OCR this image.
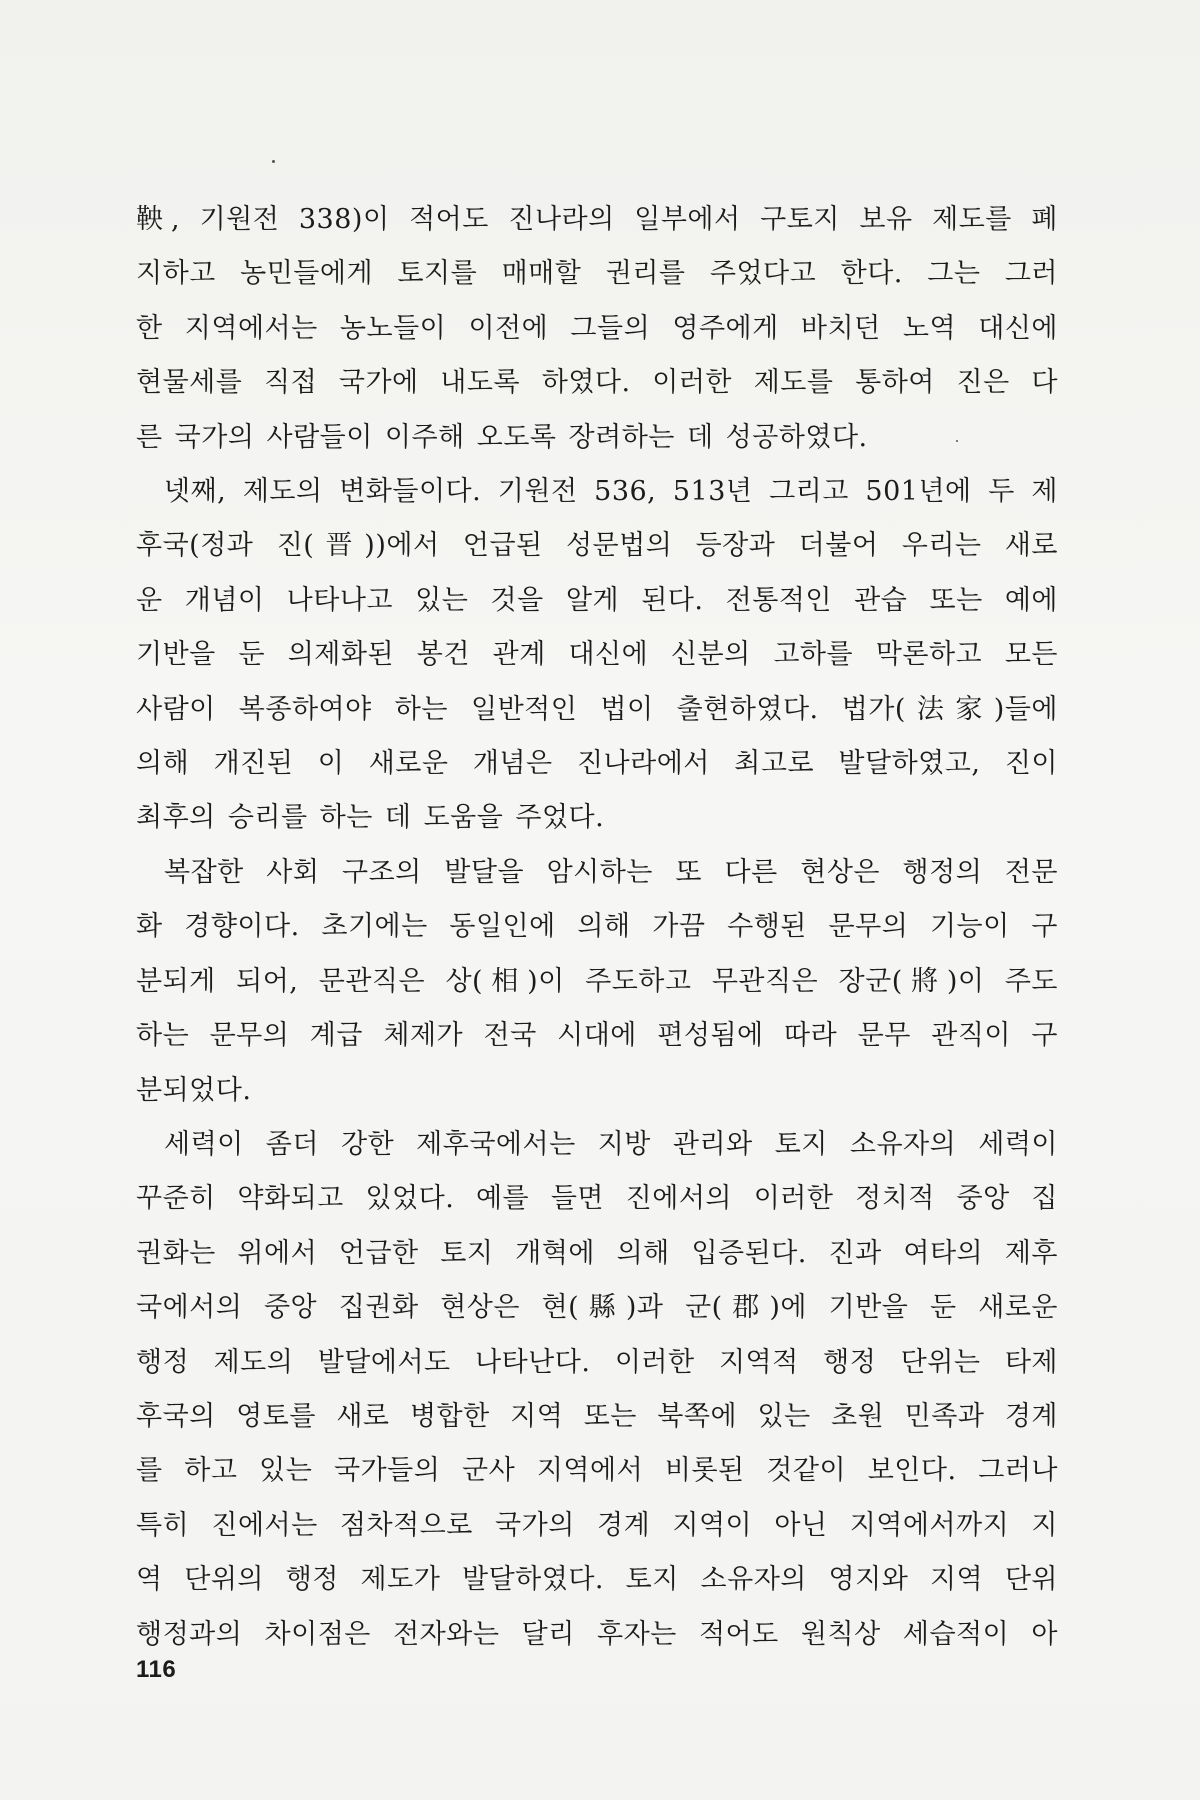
鞅, 기원전 338)이 적어도 진나라의 일부에서 구토지 보유 제도를 폐
지하고 농민들에게 토지를 매매할 권리를 주었다고 한다. 그는 그러
한 지역에서는 농노들이 이전에 그들의 영주에게 바치던 노역 대신에
현물세를 직접 국가에 내도록 하였다. 이러한 제도를 통하여 진은 다
른 국가의 사람들이 이주해 오도록 장려하는 데 성공하였다.

넷째, 제도의 변화들이다. 기원전 536, 513년 그리고 501년에 두 제
후국(정과 진(晋))에서 언급된 성문법의 등장과 더불어 우리는 새로
운 개념이 나타나고 있는 것을 알게 된다. 전통적인 관습 또는 예에
기반을 둔 의제화된 봉건 관계 대신에 신분의 고하를 막론하고 모든
사람이 복종하여야 하는 일반적인 법이 출현하였다. 법가(法家)들에
의해 개진된 이 새로운 개념은 진나라에서 최고로 발달하였고, 진이
최후의 승리를 하는 데 도움을 주었다.

복잡한 사회 구조의 발달을 암시하는 또 다른 현상은 행정의 전문
화 경향이다. 초기에는 동일인에 의해 가끔 수행된 문무의 기능이 구
분되게 되어, 문관직은 상(相)이 주도하고 무관직은 장군(將)이 주도
하는 문무의 계급 체제가 전국 시대에 편성됨에 따라 문무 관직이 구
분되었다.

세력이 좀더 강한 제후국에서는 지방 관리와 토지 소유자의 세력이
꾸준히 약화되고 있었다. 예를 들면 진에서의 이러한 정치적 중앙 집
권화는 위에서 언급한 토지 개혁에 의해 입증된다. 진과 여타의 제후
국에서의 중앙 집권화 현상은 현(縣)과 군(郡)에 기반을 둔 새로운
행정 제도의 발달에서도 나타난다. 이러한 지역적 행정 단위는 타제
후국의 영토를 새로 병합한 지역 또는 북쪽에 있는 초원 민족과 경계
를 하고 있는 국가들의 군사 지역에서 비롯된 것같이 보인다. 그러나
특히 진에서는 점차적으로 국가의 경계 지역이 아닌 지역에서까지 지
역 단위의 행정 제도가 발달하였다. 토지 소유자의 영지와 지역 단위
행정과의 차이점은 전자와는 달리 후자는 적어도 원칙상 세습적이 아

116
